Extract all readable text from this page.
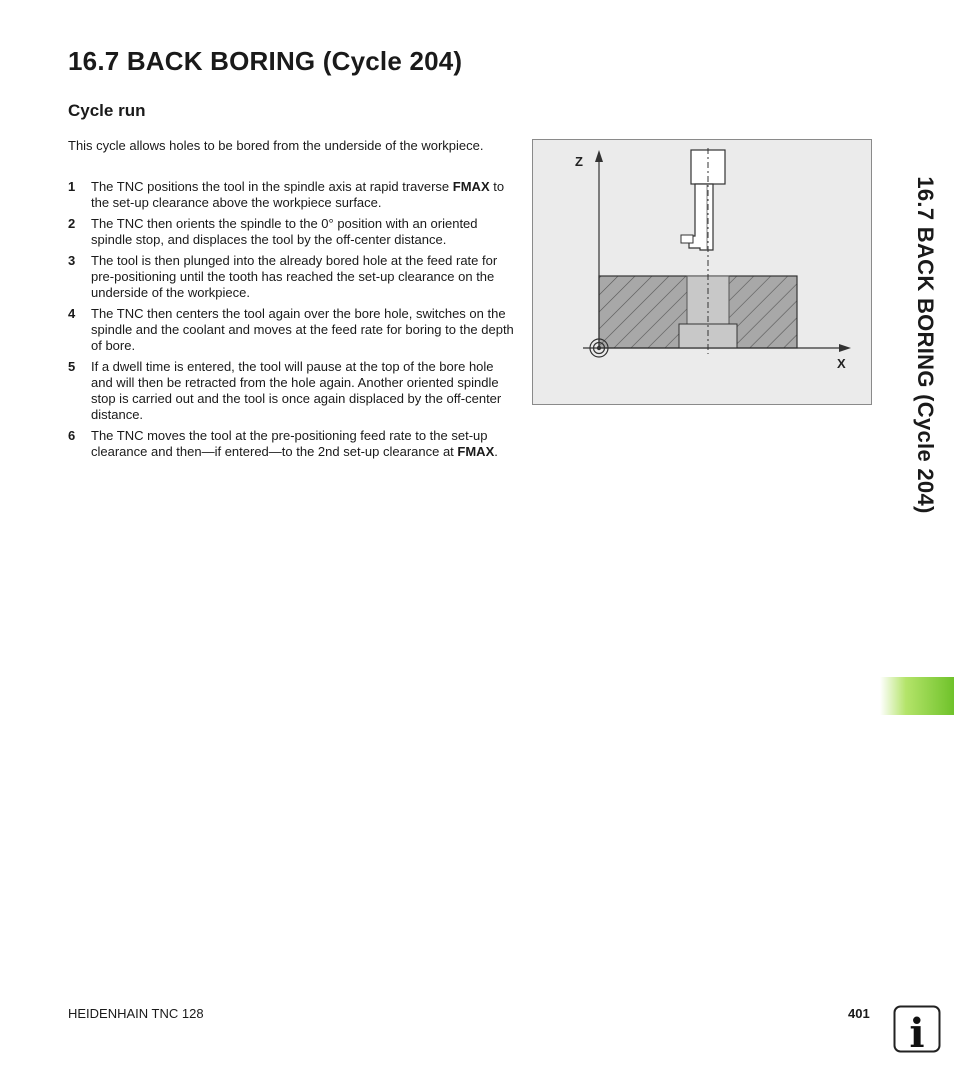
16.7 BACK BORING (Cycle 204)
Cycle run

This cycle allows holes to be bored from the underside of the workpiece.

1 The TNC positions the tool in the spindle axis at rapid traverse FMAX to the set-up clearance above the workpiece surface.
2 The TNC then orients the spindle to the 0° position with an oriented spindle stop, and displaces the tool by the off-center distance.
3 The tool is then plunged into the already bored hole at the feed rate for pre-positioning until the tooth has reached the set-up clearance on the underside of the workpiece.
4 The TNC then centers the tool again over the bore hole, switches on the spindle and the coolant and moves at the feed rate for boring to the depth of bore.
5 If a dwell time is entered, the tool will pause at the top of the bore hole and will then be retracted from the hole again. Another oriented spindle stop is carried out and the tool is once again displaced by the off-center distance.
6 The TNC moves the tool at the pre-positioning feed rate to the set-up clearance and then—if entered—to the 2nd set-up clearance at FMAX.
Z
X	16.7 BACK BORING (Cycle 204)
HEIDENHAIN TNC 128	401 i
